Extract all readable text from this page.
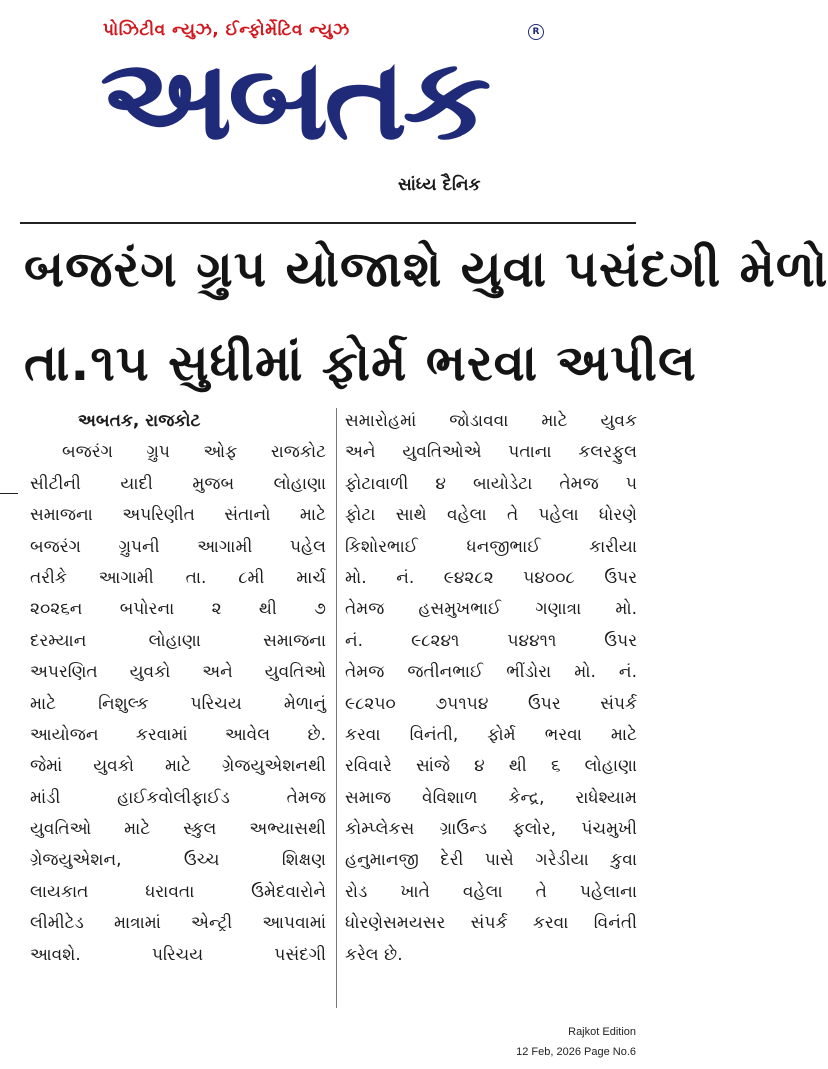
પોઝિટીવ ન્યુઝ, ઈન્ફોર્મેટિવ ન્યુઝ	R
અબતક
સાંધ્ય દૈનિક
બજરંગ ગ્રુપ યોજાશે યુવા પસંદગી મેળો
તા.૧૫ સુધીમાં ફોર્મ ભરવા અપીલ
અબતક, રાજકોટ
બજરંગ ગ્રુપ ઓફ રાજકોટ
સીટીની યાદી મુજબ લોહાણા
સમાજના અપરિણીત સંતાનો માટે
બજરંગ ગ્રુપની આગામી પહેલ
તરીકે આગામી તા. ૮મી માર્ચ
૨૦૨૬ન બપોરના ૨ થી ૭
દરમ્યાન લોહાણા સમાજના
અપરણિત યુવકો અને યુવતિઓ
માટે નિશુલ્ક પરિચય મેળાનું
આયોજન કરવામાં આવેલ છે.
જેમાં યુવકો માટે ગ્રેજયુએશનથી
માંડી હાઈકવોલીફાઈડ તેમજ
યુવતિઓ માટે સ્કુલ અભ્યાસથી
ગ્રેજયુએશન, ઉચ્ચ શિક્ષણ
લાયકાત ધરાવતા ઉમેદવારોને
લીમીટેડ માત્રામાં એન્ટ્રી આપવામાં
આવશે. પરિચય પસંદગી
સમારોહમાં જોડાવવા માટે યુવક
અને યુવતિઓએ પતાના કલરફુલ
ફોટાવાળી ૪ બાયોડેટા તેમજ ૫
ફોટા સાથે વહેલા તે પહેલા ધોરણે
કિશોરભાઈ ધનજીભાઈ કારીયા
મો. નં. ૯૪૨૮૨ ૫૪૦૦૮ ઉપર
તેમજ હસમુખભાઈ ગણાત્રા મો.
નં. ૯૮૨૪૧ ૫૪૪૧૧ ઉપર
તેમજ જતીનભાઈ ભીંડોરા મો. નં.
૯૮૨૫૦ ૭૫૧૫૪ ઉપર સંપર્ક
કરવા વિનંતી, ફોર્મ ભરવા માટે
રવિવારે સાંજે ૪ થી ૬ લોહાણા
સમાજ વેવિશાળ કેન્દ્ર, રાધેશ્યામ
કોમ્પ્લેકસ ગ્રાઉન્ડ ફલોર, પંચમુખી
હનુમાનજી દેરી પાસે ગરેડીયા કુવા
રોડ ખાતે વહેલા તે પહેલાના
ધોરણેસમયસર સંપર્ક કરવા વિનંતી
કરેલ છે.
Rajkot Edition
12 Feb, 2026 Page No.6
